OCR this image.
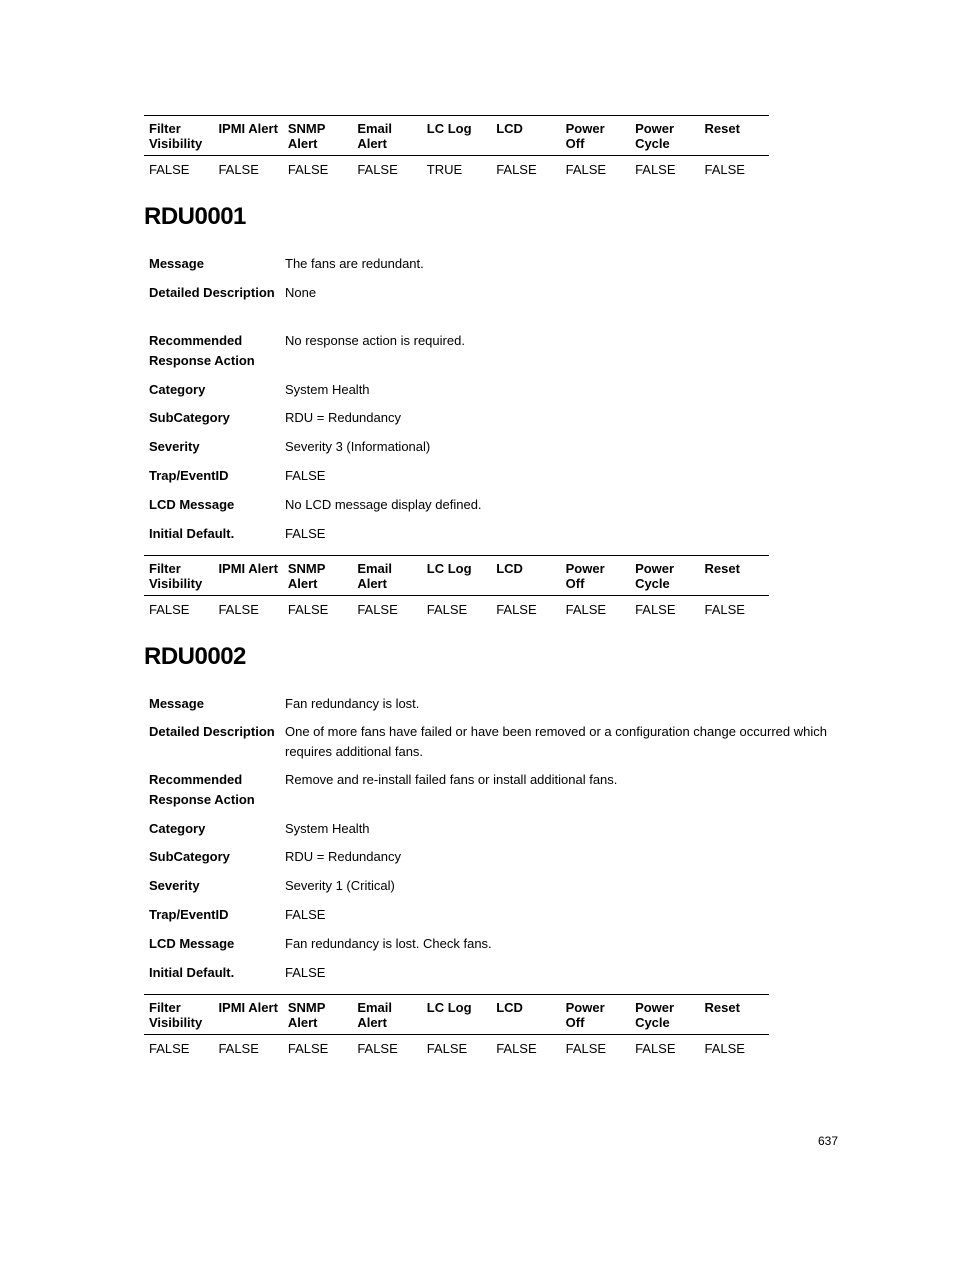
Filter Visibility	IPMI Alert	SNMP Alert	Email Alert	LC Log	LCD	Power Off	Power Cycle	Reset
FALSE	FALSE	FALSE	FALSE	TRUE	FALSE	FALSE	FALSE	FALSE
RDU0001
Message	The fans are redundant.
Detailed Description	None
Recommended Response Action	No response action is required.
Category	System Health
SubCategory	RDU = Redundancy
Severity	Severity 3 (Informational)
Trap/EventID	FALSE
LCD Message	No LCD message display defined.
Initial Default.	FALSE
Filter Visibility	IPMI Alert	SNMP Alert	Email Alert	LC Log	LCD	Power Off	Power Cycle	Reset
FALSE	FALSE	FALSE	FALSE	FALSE	FALSE	FALSE	FALSE	FALSE
RDU0002
Message	Fan redundancy is lost.
Detailed Description	One of more fans have failed or have been removed or a configuration change occurred which requires additional fans.
Recommended Response Action	Remove and re-install failed fans or install additional fans.
Category	System Health
SubCategory	RDU = Redundancy
Severity	Severity 1 (Critical)
Trap/EventID	FALSE
LCD Message	Fan redundancy is lost. Check fans.
Initial Default.	FALSE
Filter Visibility	IPMI Alert	SNMP Alert	Email Alert	LC Log	LCD	Power Off	Power Cycle	Reset
FALSE	FALSE	FALSE	FALSE	FALSE	FALSE	FALSE	FALSE	FALSE
637
